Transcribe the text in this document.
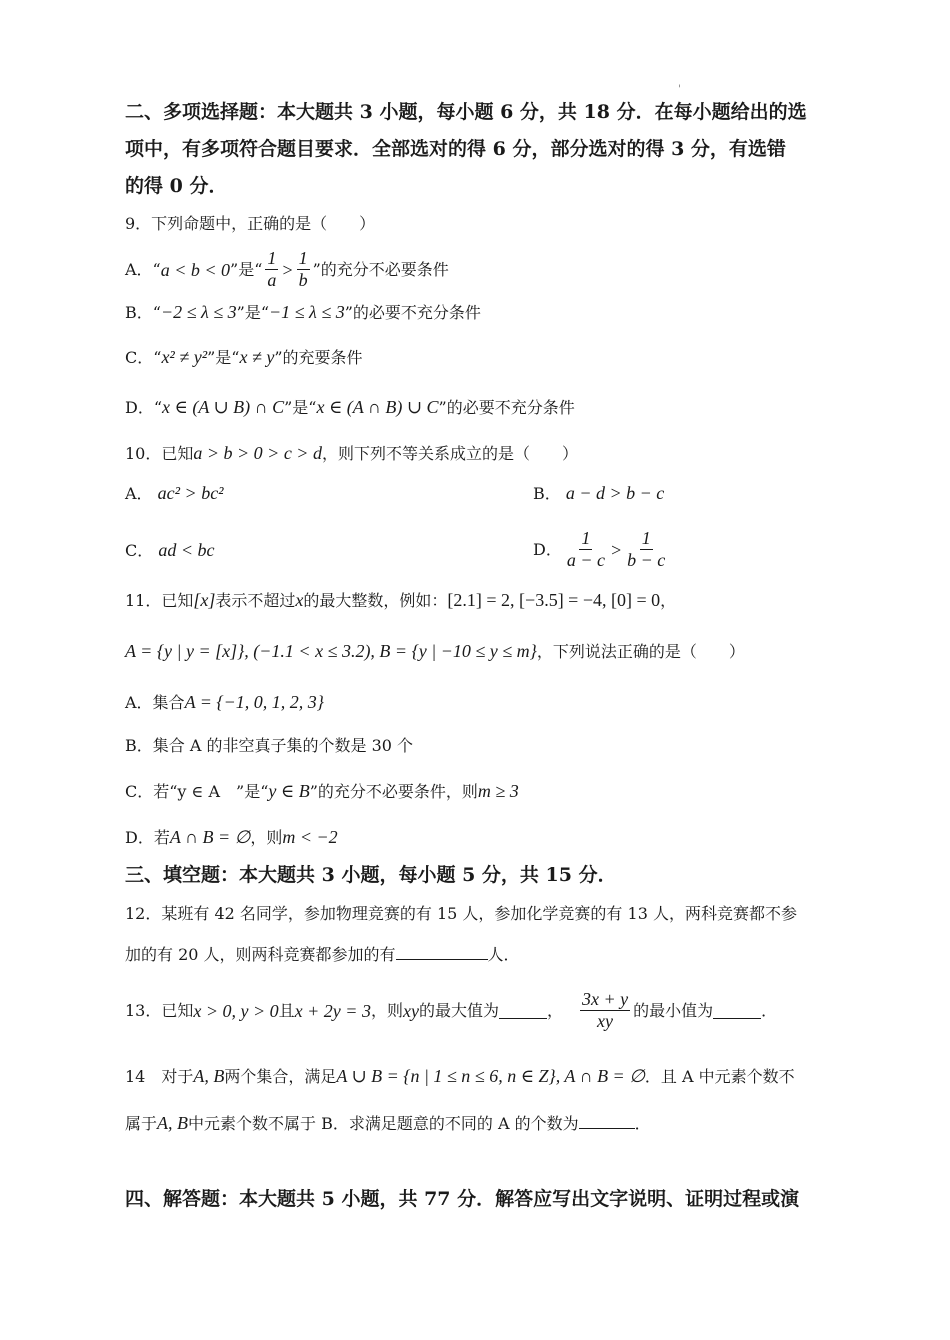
'
二、多项选择题：本大题共 3 小题，每小题 6 分，共 18 分．在每小题给出的选
项中，有多项符合题目要求．全部选对的得 6 分，部分选对的得 3 分，有选错
的得 0 分．
9．下列命题中，正确的是（　　）
A．“ a < b < 0 ”是“ $\frac{1}{a} > \frac{1}{b}$ ”的充分不必要条件
B．“−2 ≤ λ ≤ 3”是“−1 ≤ λ ≤ 3”的必要不充分条件
C．“x² ≠ y²”是“x ≠ y”的充要条件
D．“x ∈ (A ∪ B) ∩ C”是“x ∈ (A ∩ B) ∪ C”的必要不充分条件
10．已知a > b > 0 > c > d，则下列不等关系成立的是（　　）
A． ac² > bc²	B． a − d > b − c
C． ad < bc	D． $\frac{1}{a - c} > \frac{1}{b - c}$
11．已知[x]表示不超过x的最大整数，例如：[2.1] = 2, [−3.5] = −4, [0] = 0，
A = {y | y = [x]}, (−1.1 < x ≤ 3.2), B = {y | −10 ≤ y ≤ m}，下列说法正确的是（　　）
A．集合A = {−1, 0, 1, 2, 3}
B．集合 A 的非空真子集的个数是 30 个
C．若“y ∈ A　”是“y ∈ B”的充分不必要条件，则m ≥ 3
D．若A ∩ B = ∅，则m < −2
三、填空题：本大题共 3 小题，每小题 5 分，共 15 分．
12．某班有 42 名同学，参加物理竞赛的有 15 人，参加化学竞赛的有 13 人，两科竞赛都不参
加的有 20 人，则两科竞赛都参加的有	人．
13．已知 x > 0, y > 0 且 x + 2y = 3 ，则 xy 的最大值为	， $\frac{3x + y}{xy}$ 的最小值为	．
14　对于A, B两个集合，满足A ∪ B = {n | 1 ≤ n ≤ 6, n ∈ Z}, A ∩ B = ∅．且 A 中元素个数不
属于A, B中元素个数不属于 B．求满足题意的不同的 A 的个数为	．
四、解答题：本大题共 5 小题，共 77 分．解答应写出文字说明、证明过程或演
